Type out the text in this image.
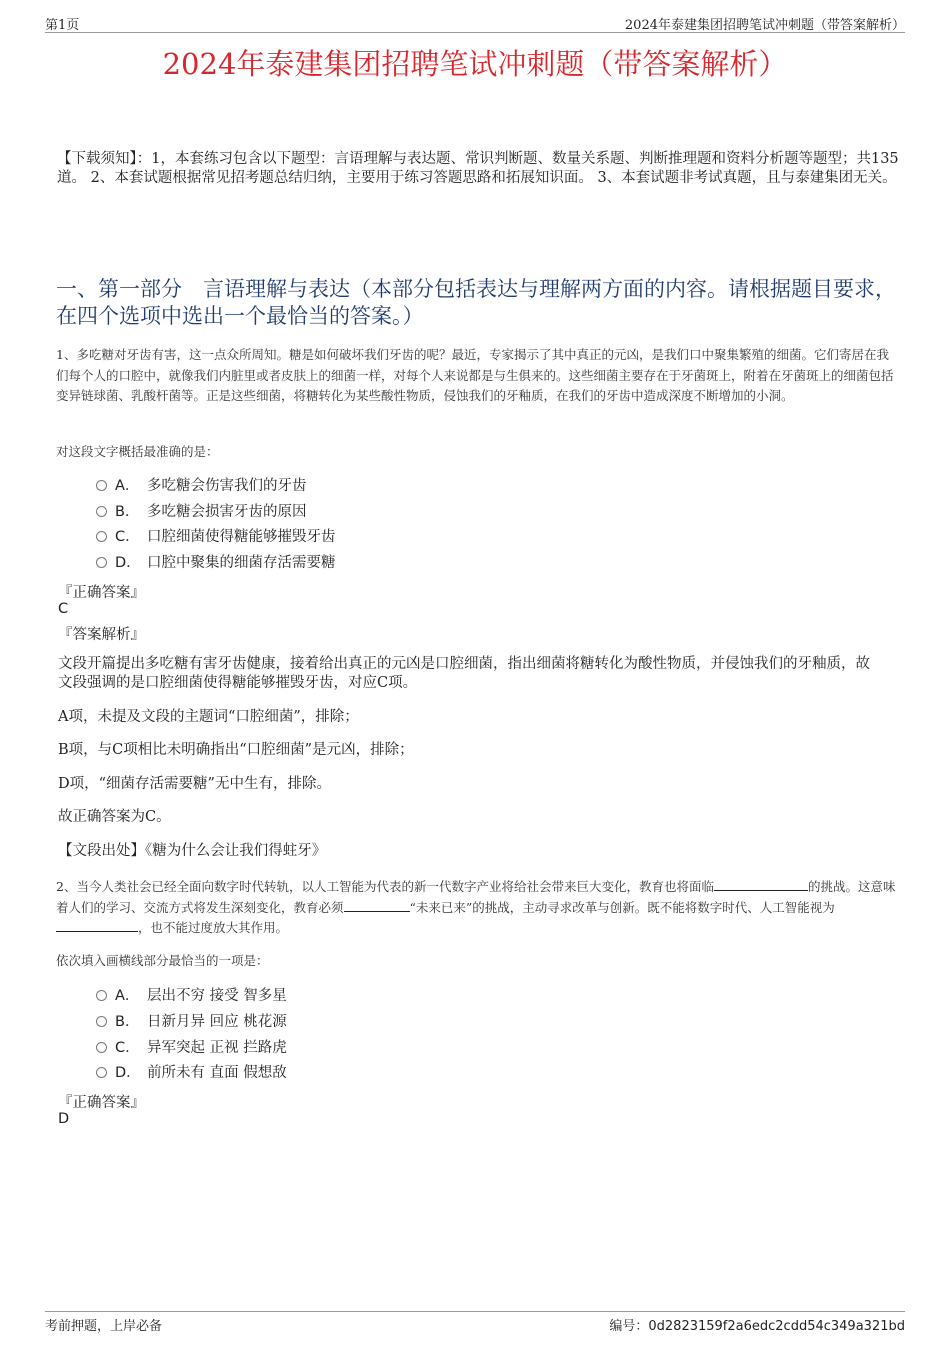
第1页	2024年泰建集团招聘笔试冲刺题（带答案解析）
2024年泰建集团招聘笔试冲刺题（带答案解析）
【下载须知】：1，本套练习包含以下题型：言语理解与表达题、常识判断题、数量关系题、判断推理题和资料分析题等题型；共135道。 2、本套试题根据常见招考题总结归纳，主要用于练习答题思路和拓展知识面。 3、本套试题非考试真题，且与泰建集团无关。
一、第一部分　言语理解与表达（本部分包括表达与理解两方面的内容。请根据题目要求，在四个选项中选出一个最恰当的答案。）
1、多吃糖对牙齿有害，这一点众所周知。糖是如何破坏我们牙齿的呢？最近，专家揭示了其中真正的元凶，是我们口中聚集繁殖的细菌。它们寄居在我们每个人的口腔中，就像我们内脏里或者皮肤上的细菌一样，对每个人来说都是与生俱来的。这些细菌主要存在于牙菌斑上，附着在牙菌斑上的细菌包括变异链球菌、乳酸杆菌等。正是这些细菌，将糖转化为某些酸性物质，侵蚀我们的牙釉质，在我们的牙齿中造成深度不断增加的小洞。
对这段文字概括最准确的是：
A． 多吃糖会伤害我们的牙齿
B． 多吃糖会损害牙齿的原因
C． 口腔细菌使得糖能够摧毁牙齿
D． 口腔中聚集的细菌存活需要糖
『正确答案』
C
『答案解析』
文段开篇提出多吃糖有害牙齿健康，接着给出真正的元凶是口腔细菌，指出细菌将糖转化为酸性物质，并侵蚀我们的牙釉质，故文段强调的是口腔细菌使得糖能够摧毁牙齿，对应C项。
A项，未提及文段的主题词“口腔细菌”，排除；
B项，与C项相比未明确指出“口腔细菌”是元凶，排除；
D项，“细菌存活需要糖”无中生有，排除。
故正确答案为C。
【文段出处】《糖为什么会让我们得蛀牙》
2、当今人类社会已经全面向数字时代转轨，以人工智能为代表的新一代数字产业将给社会带来巨大变化，教育也将面临	的挑战。这意味着人们的学习、交流方式将发生深刻变化，教育必须	“未来已来”的挑战，主动寻求改革与创新。既不能将数字时代、人工智能视为，也不能过度放大其作用。
依次填入画横线部分最恰当的一项是：
A． 层出不穷 接受 智多星
B． 日新月异 回应 桃花源
C． 异军突起 正视 拦路虎
D． 前所未有 直面 假想敌
『正确答案』
D
考前押题，上岸必备	编号：0d2823159f2a6edc2cdd54c349a321bd
